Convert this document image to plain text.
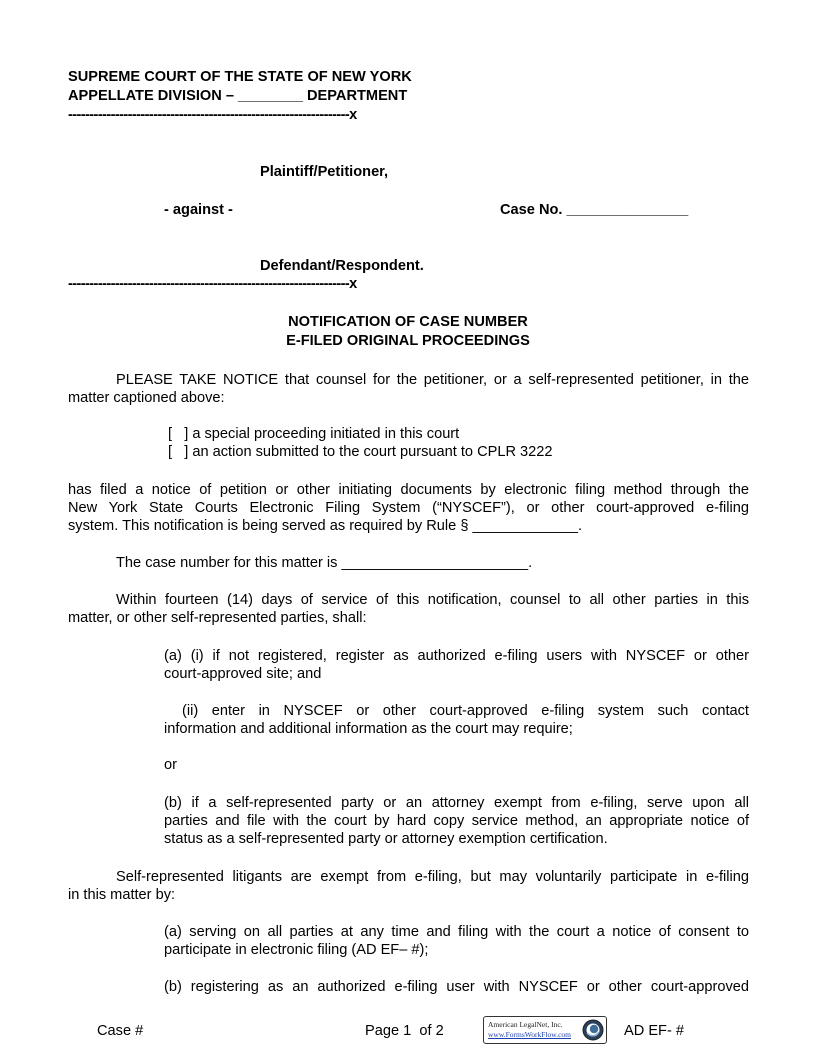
SUPREME COURT OF THE STATE OF NEW YORK
APPELLATE DIVISION – ________ DEPARTMENT
------------------------------------------------------------------x
Plaintiff/Petitioner,
- against -	Case No. _______________
Defendant/Respondent.
------------------------------------------------------------------x
NOTIFICATION OF CASE NUMBER
E-FILED ORIGINAL PROCEEDINGS
PLEASE TAKE NOTICE that counsel for the petitioner, or a self-represented petitioner, in the matter captioned above:
[   ] a special proceeding initiated in this court
[   ] an action submitted to the court pursuant to CPLR 3222

has filed a notice of petition or other initiating documents by electronic filing method through the

New York State Courts Electronic Filing System (“NYSCEF”), or other court-approved e-filing

system. This notification is being served as required by Rule § _____________.

The case number for this matter is _______________________.

Within fourteen (14) days of service of this notification, counsel to all other parties in this

matter, or other self-represented parties, shall:

(a) (i) if not registered, register as authorized e-filing users with NYSCEF or other

court-approved site; and

(ii) enter in NYSCEF or other court-approved e-filing system such contact

information and additional information as the court may require;

or

(b) if a self-represented party or an attorney exempt from e-filing, serve upon all

parties and file with the court by hard copy service method, an appropriate notice of

status as a self-represented party or attorney exemption certification.

Self-represented litigants are exempt from e-filing, but may voluntarily participate in e-filing

in this matter by:

(a) serving on all parties at any time and filing with the court a notice of consent to

participate in electronic filing (AD EF– #);

(b) registering as an authorized e-filing user with NYSCEF or other court-approved

Case #	Page 1  of 2	American LegalNet, Inc.
www.FormsWorkFlow.com	AD EF- #
